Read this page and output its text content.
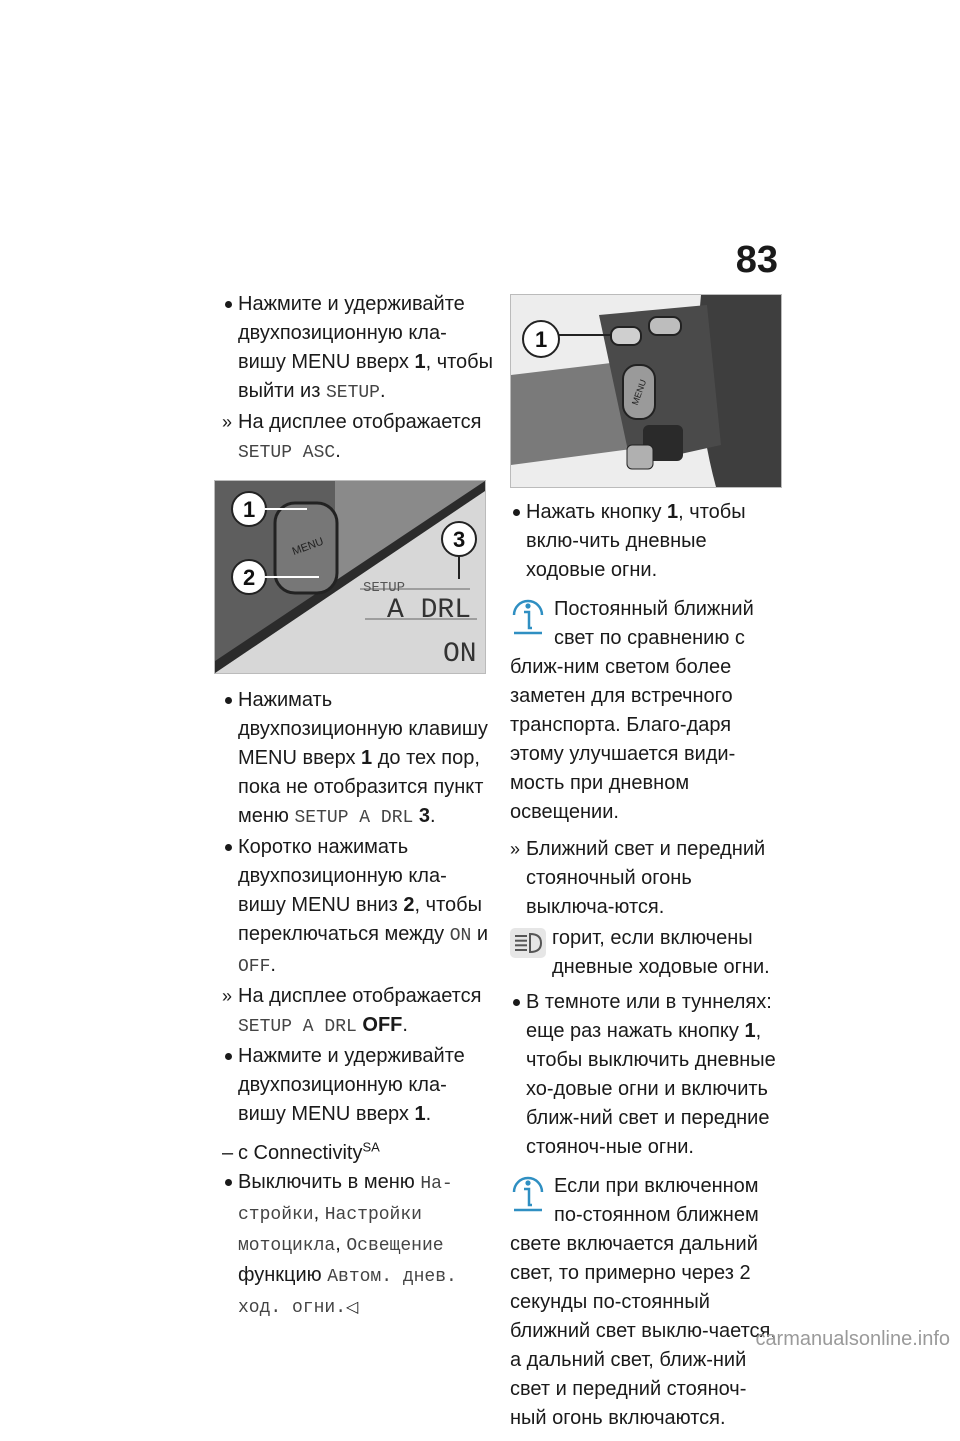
83

Нажмите и удерживайте двухпозиционную кла-вишу MENU вверх 1, чтобы выйти из SETUP.

» На дисплее отображается SETUP ASC.

MENU
SETUP
A DRL
ON
1
2
3

Нажимать двухпозиционную клавишу MENU вверх 1 до тех пор, пока не отобразится пункт меню SETUP A DRL 3.

Коротко нажимать двухпозиционную кла-вишу MENU вниз 2, чтобы переключаться между ON и OFF.

» На дисплее отображается SETUP A DRL OFF.

Нажмите и удерживайте двухпозиционную кла-вишу MENU вверх 1.

– с Connectivity$^{SA}$

Выключить в меню На-стройки, Настройки мотоцикла, Освещение функцию Автом. днев. ход. огни.◁

MENU
1

Нажать кнопку 1, чтобы вклю-чить дневные ходовые огни.

Постоянный ближний свет по сравнению с ближ-ним светом более заметен для встречного транспорта. Благо-даря этому улучшается види-мость при дневном освещении.

» Ближний свет и передний стояночный огонь выключа-ются.

горит, если включены дневные ходовые огни.

В темноте или в туннелях: еще раз нажать кнопку 1, чтобы выключить дневные хо-довые огни и включить ближ-ний свет и передние стояноч-ные огни.

Если при включенном по-стоянном ближнем свете включается дальний свет, то примерно через 2 секунды по-стоянный ближний свет выклю-чается, а дальний свет, ближ-ний свет и передний стояноч-ный огонь включаются.
carmanualsonline.info
